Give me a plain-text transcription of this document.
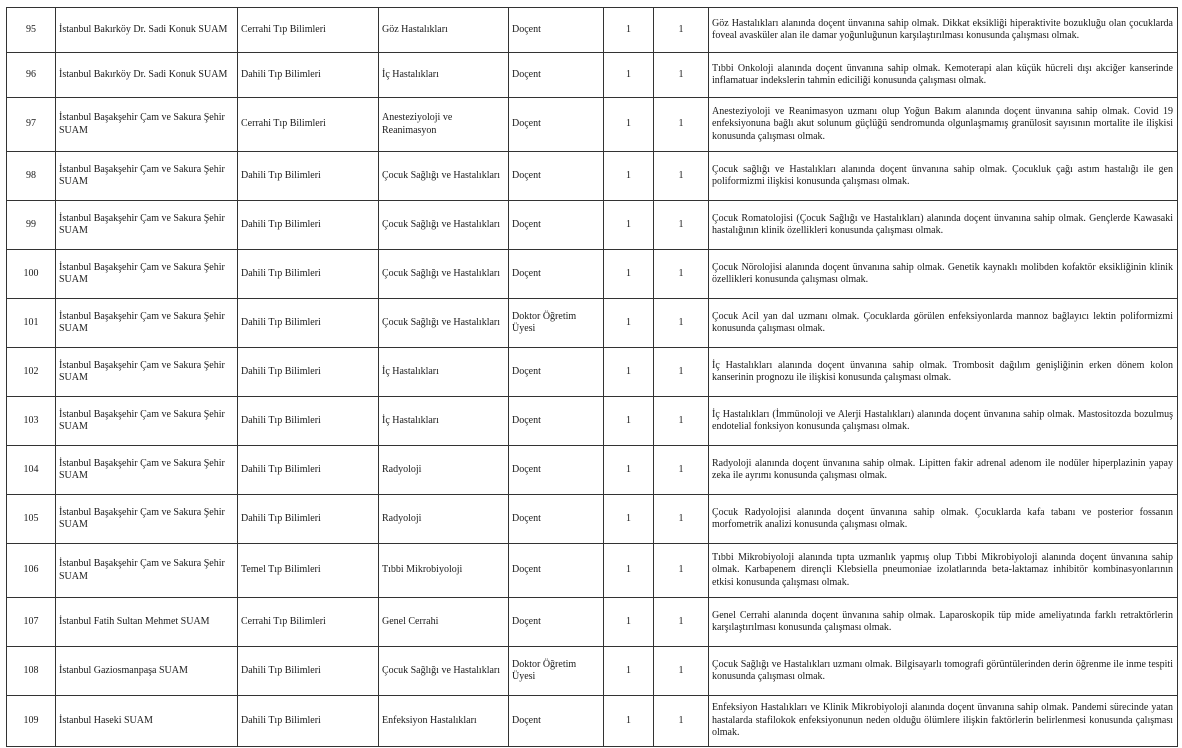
95	İstanbul Bakırköy Dr. Sadi Konuk SUAM	Cerrahi Tıp Bilimleri	Göz Hastalıkları	Doçent	1	1	Göz Hastalıkları alanında doçent ünvanına sahip olmak. Dikkat eksikliği hiperaktivite bozukluğu olan çocuklarda foveal avasküler alan ile damar yoğunluğunun karşılaştırılması konusunda çalışması olmak.
96	İstanbul Bakırköy Dr. Sadi Konuk SUAM	Dahili Tıp Bilimleri	İç Hastalıkları	Doçent	1	1	Tıbbi Onkoloji alanında doçent ünvanına sahip olmak. Kemoterapi alan küçük hücreli dışı akciğer kanserinde inflamatuar indekslerin tahmin ediciliği konusunda çalışması olmak.
97	İstanbul Başakşehir Çam ve Sakura Şehir SUAM	Cerrahi Tıp Bilimleri	Anesteziyoloji ve Reanimasyon	Doçent	1	1	Anesteziyoloji ve Reanimasyon uzmanı olup Yoğun Bakım alanında doçent ünvanına sahip olmak. Covid 19 enfeksiyonuna bağlı akut solunum güçlüğü sendromunda olgunlaşmamış granülosit sayısının mortalite ile ilişkisi konusunda çalışması olmak.
98	İstanbul Başakşehir Çam ve Sakura Şehir SUAM	Dahili Tıp Bilimleri	Çocuk Sağlığı ve Hastalıkları	Doçent	1	1	Çocuk sağlığı ve Hastalıkları alanında doçent ünvanına sahip olmak. Çocukluk çağı astım hastalığı ile gen poliformizmi ilişkisi konusunda çalışması olmak.
99	İstanbul Başakşehir Çam ve Sakura Şehir SUAM	Dahili Tıp Bilimleri	Çocuk Sağlığı ve Hastalıkları	Doçent	1	1	Çocuk Romatolojisi (Çocuk Sağlığı ve Hastalıkları) alanında doçent ünvanına sahip olmak. Gençlerde Kawasaki hastalığının klinik özellikleri konusunda çalışması olmak.
100	İstanbul Başakşehir Çam ve Sakura Şehir SUAM	Dahili Tıp Bilimleri	Çocuk Sağlığı ve Hastalıkları	Doçent	1	1	Çocuk Nörolojisi alanında doçent ünvanına sahip olmak. Genetik kaynaklı molibden kofaktör eksikliğinin klinik özellikleri konusunda çalışması olmak.
101	İstanbul Başakşehir Çam ve Sakura Şehir SUAM	Dahili Tıp Bilimleri	Çocuk Sağlığı ve Hastalıkları	Doktor Öğretim Üyesi	1	1	Çocuk Acil yan dal uzmanı olmak. Çocuklarda görülen enfeksiyonlarda mannoz bağlayıcı lektin poliformizmi konusunda çalışması olmak.
102	İstanbul Başakşehir Çam ve Sakura Şehir SUAM	Dahili Tıp Bilimleri	İç Hastalıkları	Doçent	1	1	İç Hastalıkları alanında doçent ünvanına sahip olmak. Trombosit dağılım genişliğinin erken dönem kolon kanserinin prognozu ile ilişkisi konusunda çalışması olmak.
103	İstanbul Başakşehir Çam ve Sakura Şehir SUAM	Dahili Tıp Bilimleri	İç Hastalıkları	Doçent	1	1	İç Hastalıkları (İmmünoloji ve Alerji Hastalıkları) alanında doçent ünvanına sahip olmak. Mastositozda bozulmuş endotelial fonksiyon konusunda çalışması olmak.
104	İstanbul Başakşehir Çam ve Sakura Şehir SUAM	Dahili Tıp Bilimleri	Radyoloji	Doçent	1	1	Radyoloji alanında doçent ünvanına sahip olmak. Lipitten fakir adrenal adenom ile nodüler hiperplazinin yapay zeka ile ayrımı konusunda çalışması olmak.
105	İstanbul Başakşehir Çam ve Sakura Şehir SUAM	Dahili Tıp Bilimleri	Radyoloji	Doçent	1	1	Çocuk Radyolojisi alanında doçent ünvanına sahip olmak. Çocuklarda kafa tabanı ve posterior fossanın morfometrik analizi konusunda çalışması olmak.
106	İstanbul Başakşehir Çam ve Sakura Şehir SUAM	Temel Tıp Bilimleri	Tıbbi Mikrobiyoloji	Doçent	1	1	Tıbbi Mikrobiyoloji alanında tıpta uzmanlık yapmış olup Tıbbi Mikrobiyoloji alanında doçent ünvanına sahip olmak. Karbapenem dirençli Klebsiella pneumoniae izolatlarında beta-laktamaz inhibitör kombinasyonlarının etkisi konusunda çalışması olmak.
107	İstanbul Fatih Sultan Mehmet SUAM	Cerrahi Tıp Bilimleri	Genel Cerrahi	Doçent	1	1	Genel Cerrahi alanında doçent ünvanına sahip olmak. Laparoskopik tüp mide ameliyatında farklı retraktörlerin karşılaştırılması konusunda çalışması olmak.
108	İstanbul Gaziosmanpaşa SUAM	Dahili Tıp Bilimleri	Çocuk Sağlığı ve Hastalıkları	Doktor Öğretim Üyesi	1	1	Çocuk Sağlığı ve Hastalıkları uzmanı olmak. Bilgisayarlı tomografi görüntülerinden derin öğrenme ile inme tespiti konusunda çalışması olmak.
109	İstanbul Haseki SUAM	Dahili Tıp Bilimleri	Enfeksiyon Hastalıkları	Doçent	1	1	Enfeksiyon Hastalıkları ve Klinik Mikrobiyoloji alanında doçent ünvanına sahip olmak. Pandemi sürecinde yatan hastalarda stafilokok enfeksiyonunun neden olduğu ölümlere ilişkin faktörlerin belirlenmesi konusunda çalışması olmak.
